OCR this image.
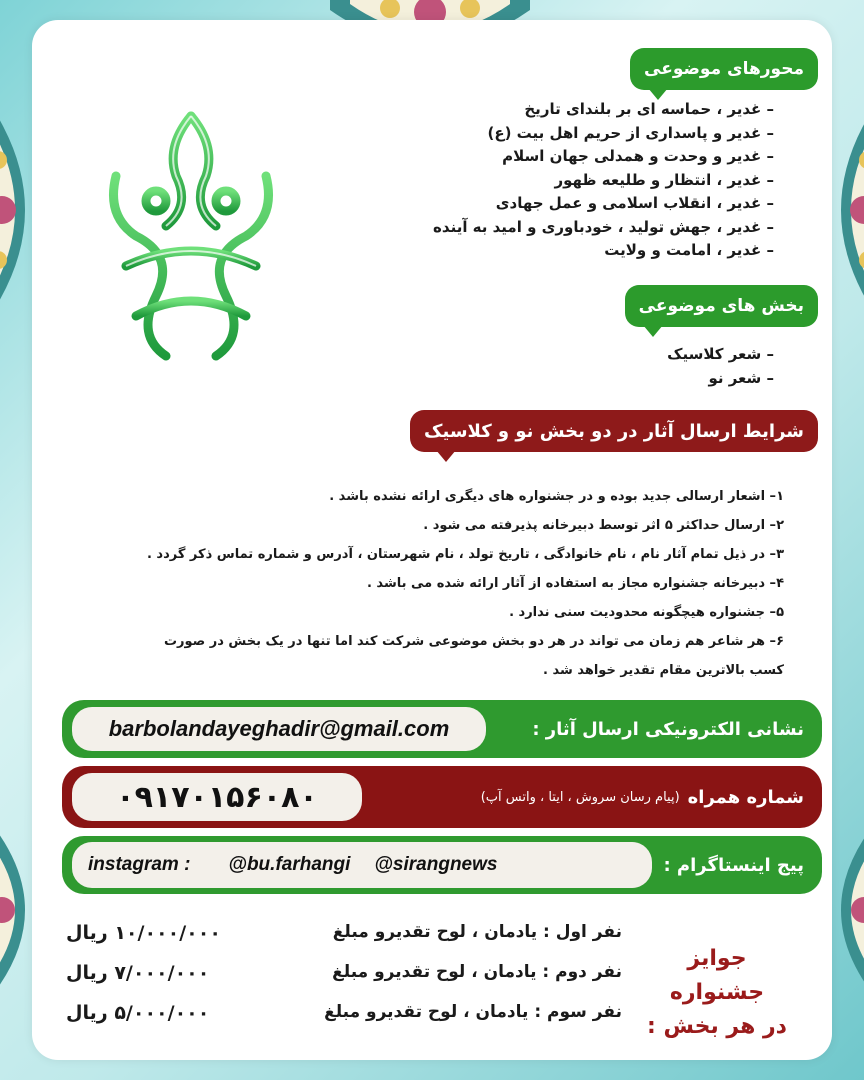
محورهای موضوعی
– غدیر ، حماسه ای بر بلندای تاریخ
– غدیر و پاسداری از حریم اهل بیت (ع)
– غدیر و وحدت و همدلی جهان اسلام
– غدیر ، انتظار و طلیعه ظهور
– غدیر ، انقلاب اسلامی و عمل جهادی
– غدیر ، جهش تولید ، خودباوری و امید به آینده
– غدیر ، امامت و ولایت
بخش های موضوعی
– شعر کلاسیک
– شعر نو
شرایط ارسال آثار در دو بخش نو و کلاسیک
۱– اشعار ارسالی جدید بوده و در جشنواره های دیگری ارائه نشده باشد .
۲– ارسال حداکثر ۵ اثر توسط دبیرخانه پذیرفته می شود .
۳– در ذیل تمام آثار نام ، نام خانوادگی ، تاریخ تولد ، نام شهرستان ، آدرس و شماره تماس ذکر گردد .
۴– دبیرخانه جشنواره مجاز به استفاده از آثار ارائه شده می باشد .
۵– جشنواره هیچگونه محدودیت سنی ندارد .
۶– هر شاعر هم زمان می تواند در هر دو بخش موضوعی شرکت کند اما تنها در یک بخش در صورت
کسب بالاترین مقام تقدیر خواهد شد .
نشانی الکترونیکی ارسال آثار :
barbolandayeghadir@gmail.com
شماره همراه
(پیام رسان سروش ، ایتا ، واتس آپ)
۰۹۱۷۰۱۵۶۰۸۰
پیج اینستاگرام :
instagram : @bu.farhangi @sirangnews
جوایز جشنواره
در هر بخش :
نفر اول : یادمان ، لوح تقدیرو مبلغ
۱۰/۰۰۰/۰۰۰ ریال
نفر دوم : یادمان ، لوح تقدیرو مبلغ
۷/۰۰۰/۰۰۰ ریال
نفر سوم : یادمان ، لوح تقدیرو مبلغ
۵/۰۰۰/۰۰۰ ریال
